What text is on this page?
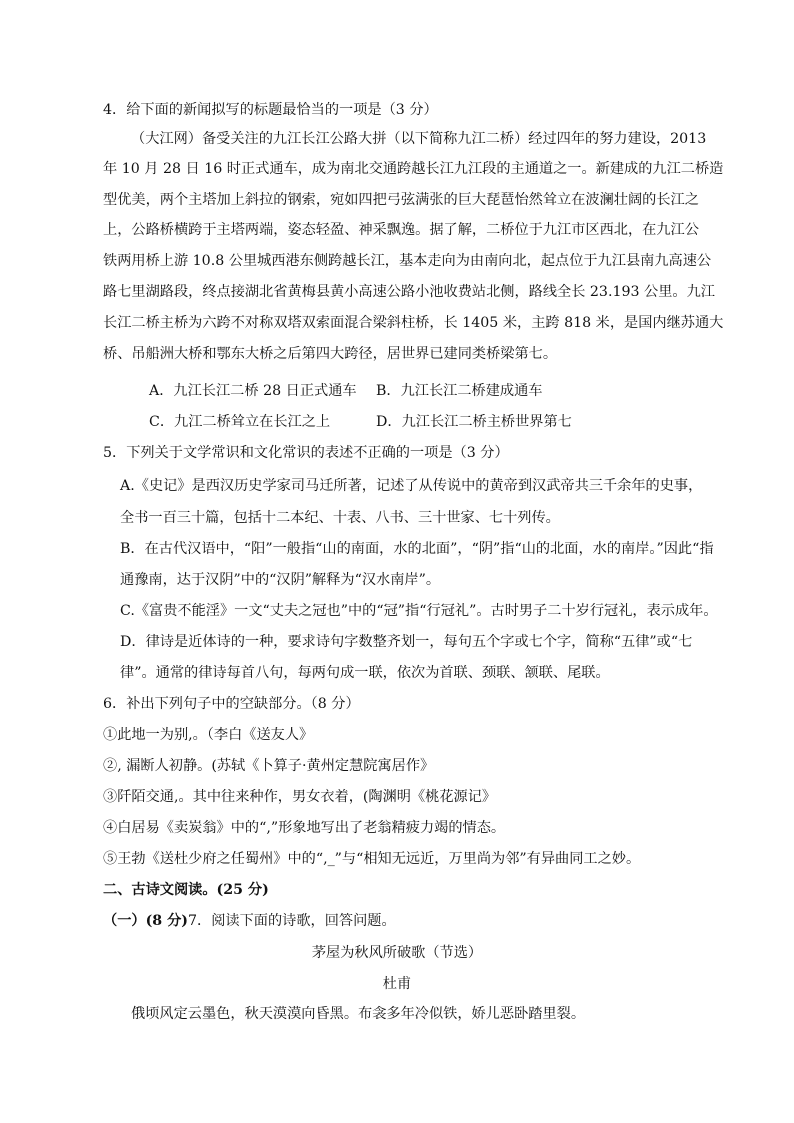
4．给下面的新闻拟写的标题最恰当的一项是（3 分）
（大江网）备受关注的九江长江公路大拼（以下简称九江二桥）经过四年的努力建设，2013
年 10 月 28 日 16 时正式通车，成为南北交通跨越长江九江段的主通道之一。新建成的九江二桥造
型优美，两个主塔加上斜拉的钢索，宛如四把弓弦满张的巨大琵琶怡然耸立在波澜壮阔的长江之
上，公路桥横跨于主塔两端，姿态轻盈、神采飘逸。据了解，二桥位于九江市区西北，在九江公
铁两用桥上游 10.8 公里城西港东侧跨越长江，基本走向为由南向北，起点位于九江县南九高速公
路七里湖路段，终点接湖北省黄梅县黄小高速公路小池收费站北侧，路线全长 23.193 公里。九江
长江二桥主桥为六跨不对称双塔双索面混合梁斜柱桥，长 1405 米，主跨 818 米，是国内继苏通大
桥、吊船洲大桥和鄂东大桥之后第四大跨径，居世界已建同类桥梁第七。
A．九江长江二桥 28 日正式通车 B．九江长江二桥建成通车
C．九江二桥耸立在长江之上	D．九江长江二桥主桥世界第七
5．下列关于文学常识和文化常识的表述不正确的一项是（3 分）
A.《史记》是西汉历史学家司马迁所著，记述了从传说中的黄帝到汉武帝共三千余年的史事，
全书一百三十篇，包括十二本纪、十表、八书、三十世家、七十列传。
B．在古代汉语中，“阳”一般指“山的南面，水的北面”，“阴”指“山的北面，水的南岸。”因此“指
通豫南，达于汉阴”中的“汉阴”解释为“汉水南岸”。
C.《富贵不能淫》一文“丈夫之冠也”中的“冠”指“行冠礼”。古时男子二十岁行冠礼，表示成年。
D．律诗是近体诗的一种，要求诗句字数整齐划一，每句五个字或七个字，简称“五律”或“七
律”。通常的律诗每首八句，每两句成一联，依次为首联、颈联、颔联、尾联。
6．补出下列句子中的空缺部分。（8 分）
①此地一为别,。（李白《送友人》
②, 漏断人初静。(苏轼《卜算子·黄州定慧院寓居作》
③阡陌交通,。其中往来种作，男女衣着，(陶渊明《桃花源记》
④白居易《卖炭翁》中的“,”形象地写出了老翁精疲力竭的情态。
⑤王勃《送杜少府之任蜀州》中的“,_”与“相知无远近，万里尚为邻”有异曲同工之妙。
二、古诗文阅读。(25 分)
（一）(8 分)7．阅读下面的诗歌，回答问题。
茅屋为秋风所破歌（节选）
杜甫
俄顷风定云墨色，秋天漠漠向昏黑。布衾多年冷似铁，娇儿恶卧踏里裂。
